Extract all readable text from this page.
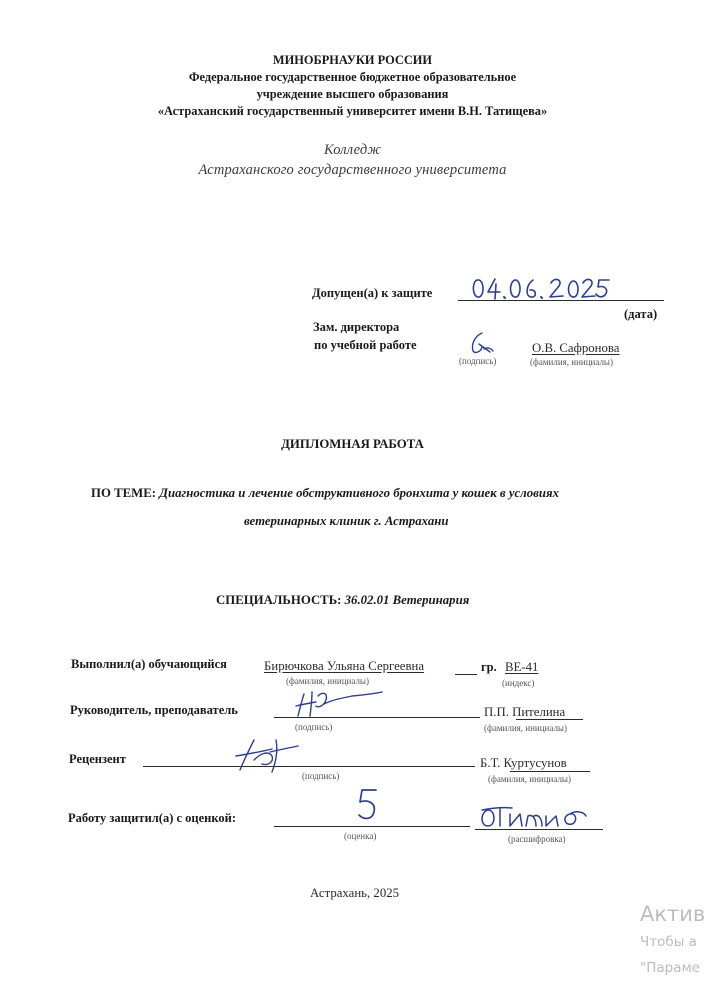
МИНОБРНАУКИ РОССИИ
Федеральное государственное бюджетное образовательное
учреждение высшего образования
«Астраханский государственный университет имени В.Н. Татищева»
Колледж
Астраханского государственного университета
Допущен(а) к защите
(дата)
Зам. директора
по учебной работе
(подпись)
О.В. Сафронова
(фамилия, инициалы)
ДИПЛОМНАЯ РАБОТА
ПО ТЕМЕ: Диагностика и лечение обструктивного бронхита у кошек в условиях
ветеринарных клиник г. Астрахани
СПЕЦИАЛЬНОСТЬ: 36.02.01 Ветеринария
Выполнил(а) обучающийся	Бирючкова Ульяна Сергеевна
(фамилия, инициалы)
гр. ВЕ-41
(индекс)
Руководитель, преподаватель
(подпись)
П.П. Пителина
(фамилия, инициалы)
Рецензент
(подпись)
Б.Т. Куртусунов
(фамилия, инициалы)
Работу защитил(а) с оценкой:
(оценка)	(расшифровка)
Астрахань, 2025
Актив
Чтобы а
"Параме
